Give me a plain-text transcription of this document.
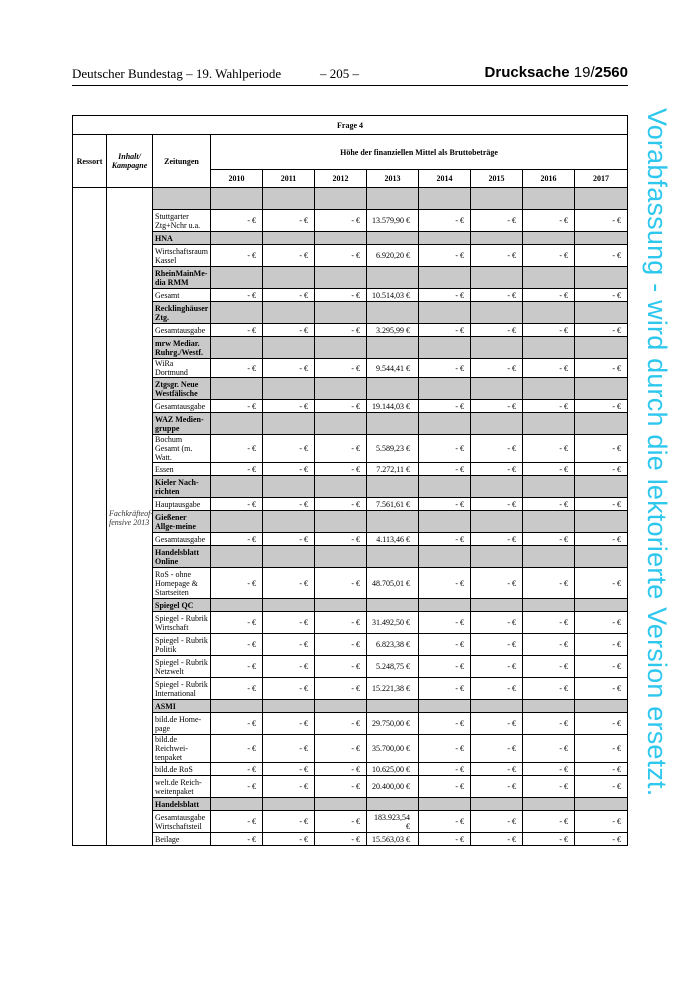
Deutscher Bundestag – 19. Wahlperiode	– 205 –	Drucksache 19/2560
Vorabfassung - wird durch die lektorierte Version ersetzt.
Frage 4										
Ressort	Inhalt/ Kampagne	Zeitungen	Höhe der finanziellen Mittel als Bruttobeträge							
			2010	2011	2012	2013	2014	2015	2016	2017
	Fachkräfteof-fensive 2013									
		Stuttgarter Ztg+Nchr u.a.	- €	- €	- €	13.579,90 €	- €	- €	- €	- €
		HNA								
		Wirtschaftsraum Kassel	- €	- €	- €	6.920,20 €	- €	- €	- €	- €
		RheinMainMe-dia RMM								
		Gesamt	- €	- €	- €	10.514,03 €	- €	- €	- €	- €
		Recklinghäuser Ztg.								
		Gesamtausgabe	- €	- €	- €	3.295,99 €	- €	- €	- €	- €
		mrw Mediar. Ruhrg./Westf.								
		WiRa Dortmund	- €	- €	- €	9.544,41 €	- €	- €	- €	- €
		Ztgsgr. Neue Westfälische								
		Gesamtausgabe	- €	- €	- €	19.144,03 €	- €	- €	- €	- €
		WAZ Medien-gruppe								
		Bochum Gesamt (m. Watt.	- €	- €	- €	5.589,23 €	- €	- €	- €	- €
		Essen	- €	- €	- €	7.272,11 €	- €	- €	- €	- €
		Kieler Nach-richten								
		Hauptausgabe	- €	- €	- €	7.561,61 €	- €	- €	- €	- €
		Gießener Allge-meine								
		Gesamtausgabe	- €	- €	- €	4.113,46 €	- €	- €	- €	- €
		Handelsblatt Online								
		RoS - ohne Homepage & Startseiten	- €	- €	- €	48.705,01 €	- €	- €	- €	- €
		Spiegel QC								
		Spiegel - Rubrik Wirtschaft	- €	- €	- €	31.492,50 €	- €	- €	- €	- €
		Spiegel - Rubrik Politik	- €	- €	- €	6.823,38 €	- €	- €	- €	- €
		Spiegel - Rubrik Netzwelt	- €	- €	- €	5.248,75 €	- €	- €	- €	- €
		Spiegel - Rubrik International	- €	- €	- €	15.221,38 €	- €	- €	- €	- €
		ASMI								
		bild.de Home-page	- €	- €	- €	29.750,00 €	- €	- €	- €	- €
		bild.de Reichwei-tenpaket	- €	- €	- €	35.700,00 €	- €	- €	- €	- €
		bild.de RoS	- €	- €	- €	10.625,00 €	- €	- €	- €	- €
		welt.de Reich-weitenpaket	- €	- €	- €	20.400,00 €	- €	- €	- €	- €
		Handelsblatt								
		Gesamtausgabe Wirtschaftsteil	- €	- €	- €	183.923,54 €	- €	- €	- €	- €
		Beilage	- €	- €	- €	15.563,03 €	- €	- €	- €	- €
